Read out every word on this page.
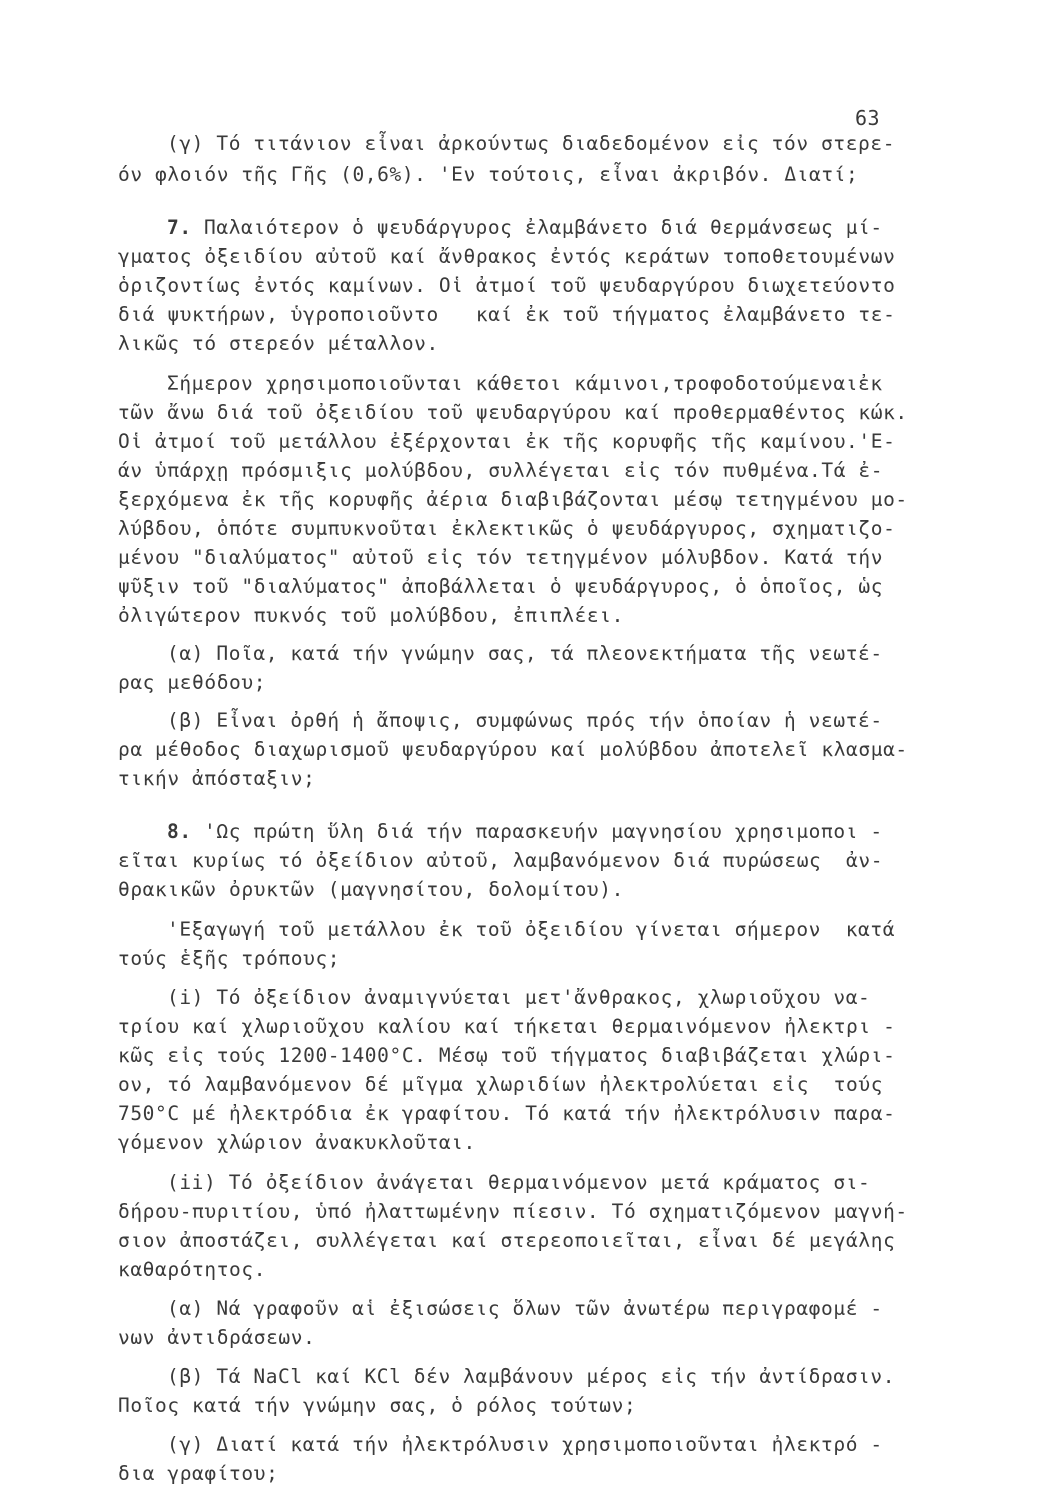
63
(γ) Τό τιτάνιον εἶναι ἀρκούντως διαδεδομένον εἰς τόν στερε-
όν φλοιόν τῆς Γῆς (0,6%). 'Εν τούτοις, εἶναι ἀκριβόν. Διατί;
7. Παλαιότερον ὁ ψευδάργυρος ἐλαμβάνετο διά θερμάνσεως μί-
γματος ὀξειδίου αὐτοῦ καί ἄνθρακος ἐντός κεράτων τοποθετουμένων
ὁριζοντίως ἐντός καμίνων. Οἱ ἀτμοί τοῦ ψευδαργύρου διωχετεύοντο
διά ψυκτήρων, ὑγροποιοῦντο   καί ἐκ τοῦ τήγματος ἐλαμβάνετο τε-
λικῶς τό στερεόν μέταλλον.
Σήμερον χρησιμοποιοῦνται κάθετοι κάμινοι,τροφοδοτούμεναιἐκ
τῶν ἄνω διά τοῦ ὀξειδίου τοῦ ψευδαργύρου καί προθερμαθέντος κώκ.
Οἱ ἀτμοί τοῦ μετάλλου ἐξέρχονται ἐκ τῆς κορυφῆς τῆς καμίνου.'Ε-
άν ὑπάρχῃ πρόσμιξις μολύβδου, συλλέγεται εἰς τόν πυθμένα.Τά ἐ-
ξερχόμενα ἐκ τῆς κορυφῆς ἀέρια διαβιβάζονται μέσῳ τετηγμένου μο-
λύβδου, ὁπότε συμπυκνοῦται ἐκλεκτικῶς ὁ ψευδάργυρος, σχηματιζο-
μένου "διαλύματος" αὐτοῦ εἰς τόν τετηγμένον μόλυβδον. Κατά τήν
ψῦξιν τοῦ "διαλύματος" ἀποβάλλεται ὁ ψευδάργυρος, ὁ ὁποῖος, ὡς
ὀλιγώτερον πυκνός τοῦ μολύβδου, ἐπιπλέει.
(α) Ποῖα, κατά τήν γνώμην σας, τά πλεονεκτήματα τῆς νεωτέ-
ρας μεθόδου;
(β) Εἶναι ὀρθή ἡ ἄποψις, συμφώνως πρός τήν ὁποίαν ἡ νεωτέ-
ρα μέθοδος διαχωρισμοῦ ψευδαργύρου καί μολύβδου ἀποτελεῖ κλασμα-
τικήν ἀπόσταξιν;
8. 'Ως πρώτη ὕλη διά τήν παρασκευήν μαγνησίου χρησιμοποι -
εῖται κυρίως τό ὀξείδιον αὐτοῦ, λαμβανόμενον διά πυρώσεως  ἀν-
θρακικῶν ὀρυκτῶν (μαγνησίτου, δολομίτου).
'Εξαγωγή τοῦ μετάλλου ἐκ τοῦ ὀξειδίου γίνεται σήμερον  κατά
τούς ἑξῆς τρόπους;
(i) Τό ὀξείδιον ἀναμιγνύεται μετ'ἄνθρακος, χλωριοῦχου να-
τρίου καί χλωριοῦχου καλίου καί τήκεται θερμαινόμενον ἠλεκτρι -
κῶς εἰς τούς 1200-1400°C. Μέσῳ τοῦ τήγματος διαβιβάζεται χλώρι-
ον, τό λαμβανόμενον δέ μῖγμα χλωριδίων ἠλεκτρολύεται εἰς  τούς
750°C μέ ἠλεκτρόδια ἐκ γραφίτου. Τό κατά τήν ἠλεκτρόλυσιν παρα-
γόμενον χλώριον ἀνακυκλοῦται.
(ii) Τό ὀξείδιον ἀνάγεται θερμαινόμενον μετά κράματος σι-
δήρου-πυριτίου, ὑπό ἠλαττωμένην πίεσιν. Τό σχηματιζόμενον μαγνή-
σιον ἀποστάζει, συλλέγεται καί στερεοποιεῖται, εἶναι δέ μεγάλης
καθαρότητος.
(α) Νά γραφοῦν αἱ ἐξισώσεις ὅλων τῶν ἀνωτέρω περιγραφομέ -
νων ἀντιδράσεων.
(β) Τά NaCl καί KCl δέν λαμβάνουν μέρος εἰς τήν ἀντίδρασιν.
Ποῖος κατά τήν γνώμην σας, ὁ ρόλος τούτων;
(γ) Διατί κατά τήν ἠλεκτρόλυσιν χρησιμοποιοῦνται ἠλεκτρό -
δια γραφίτου;
